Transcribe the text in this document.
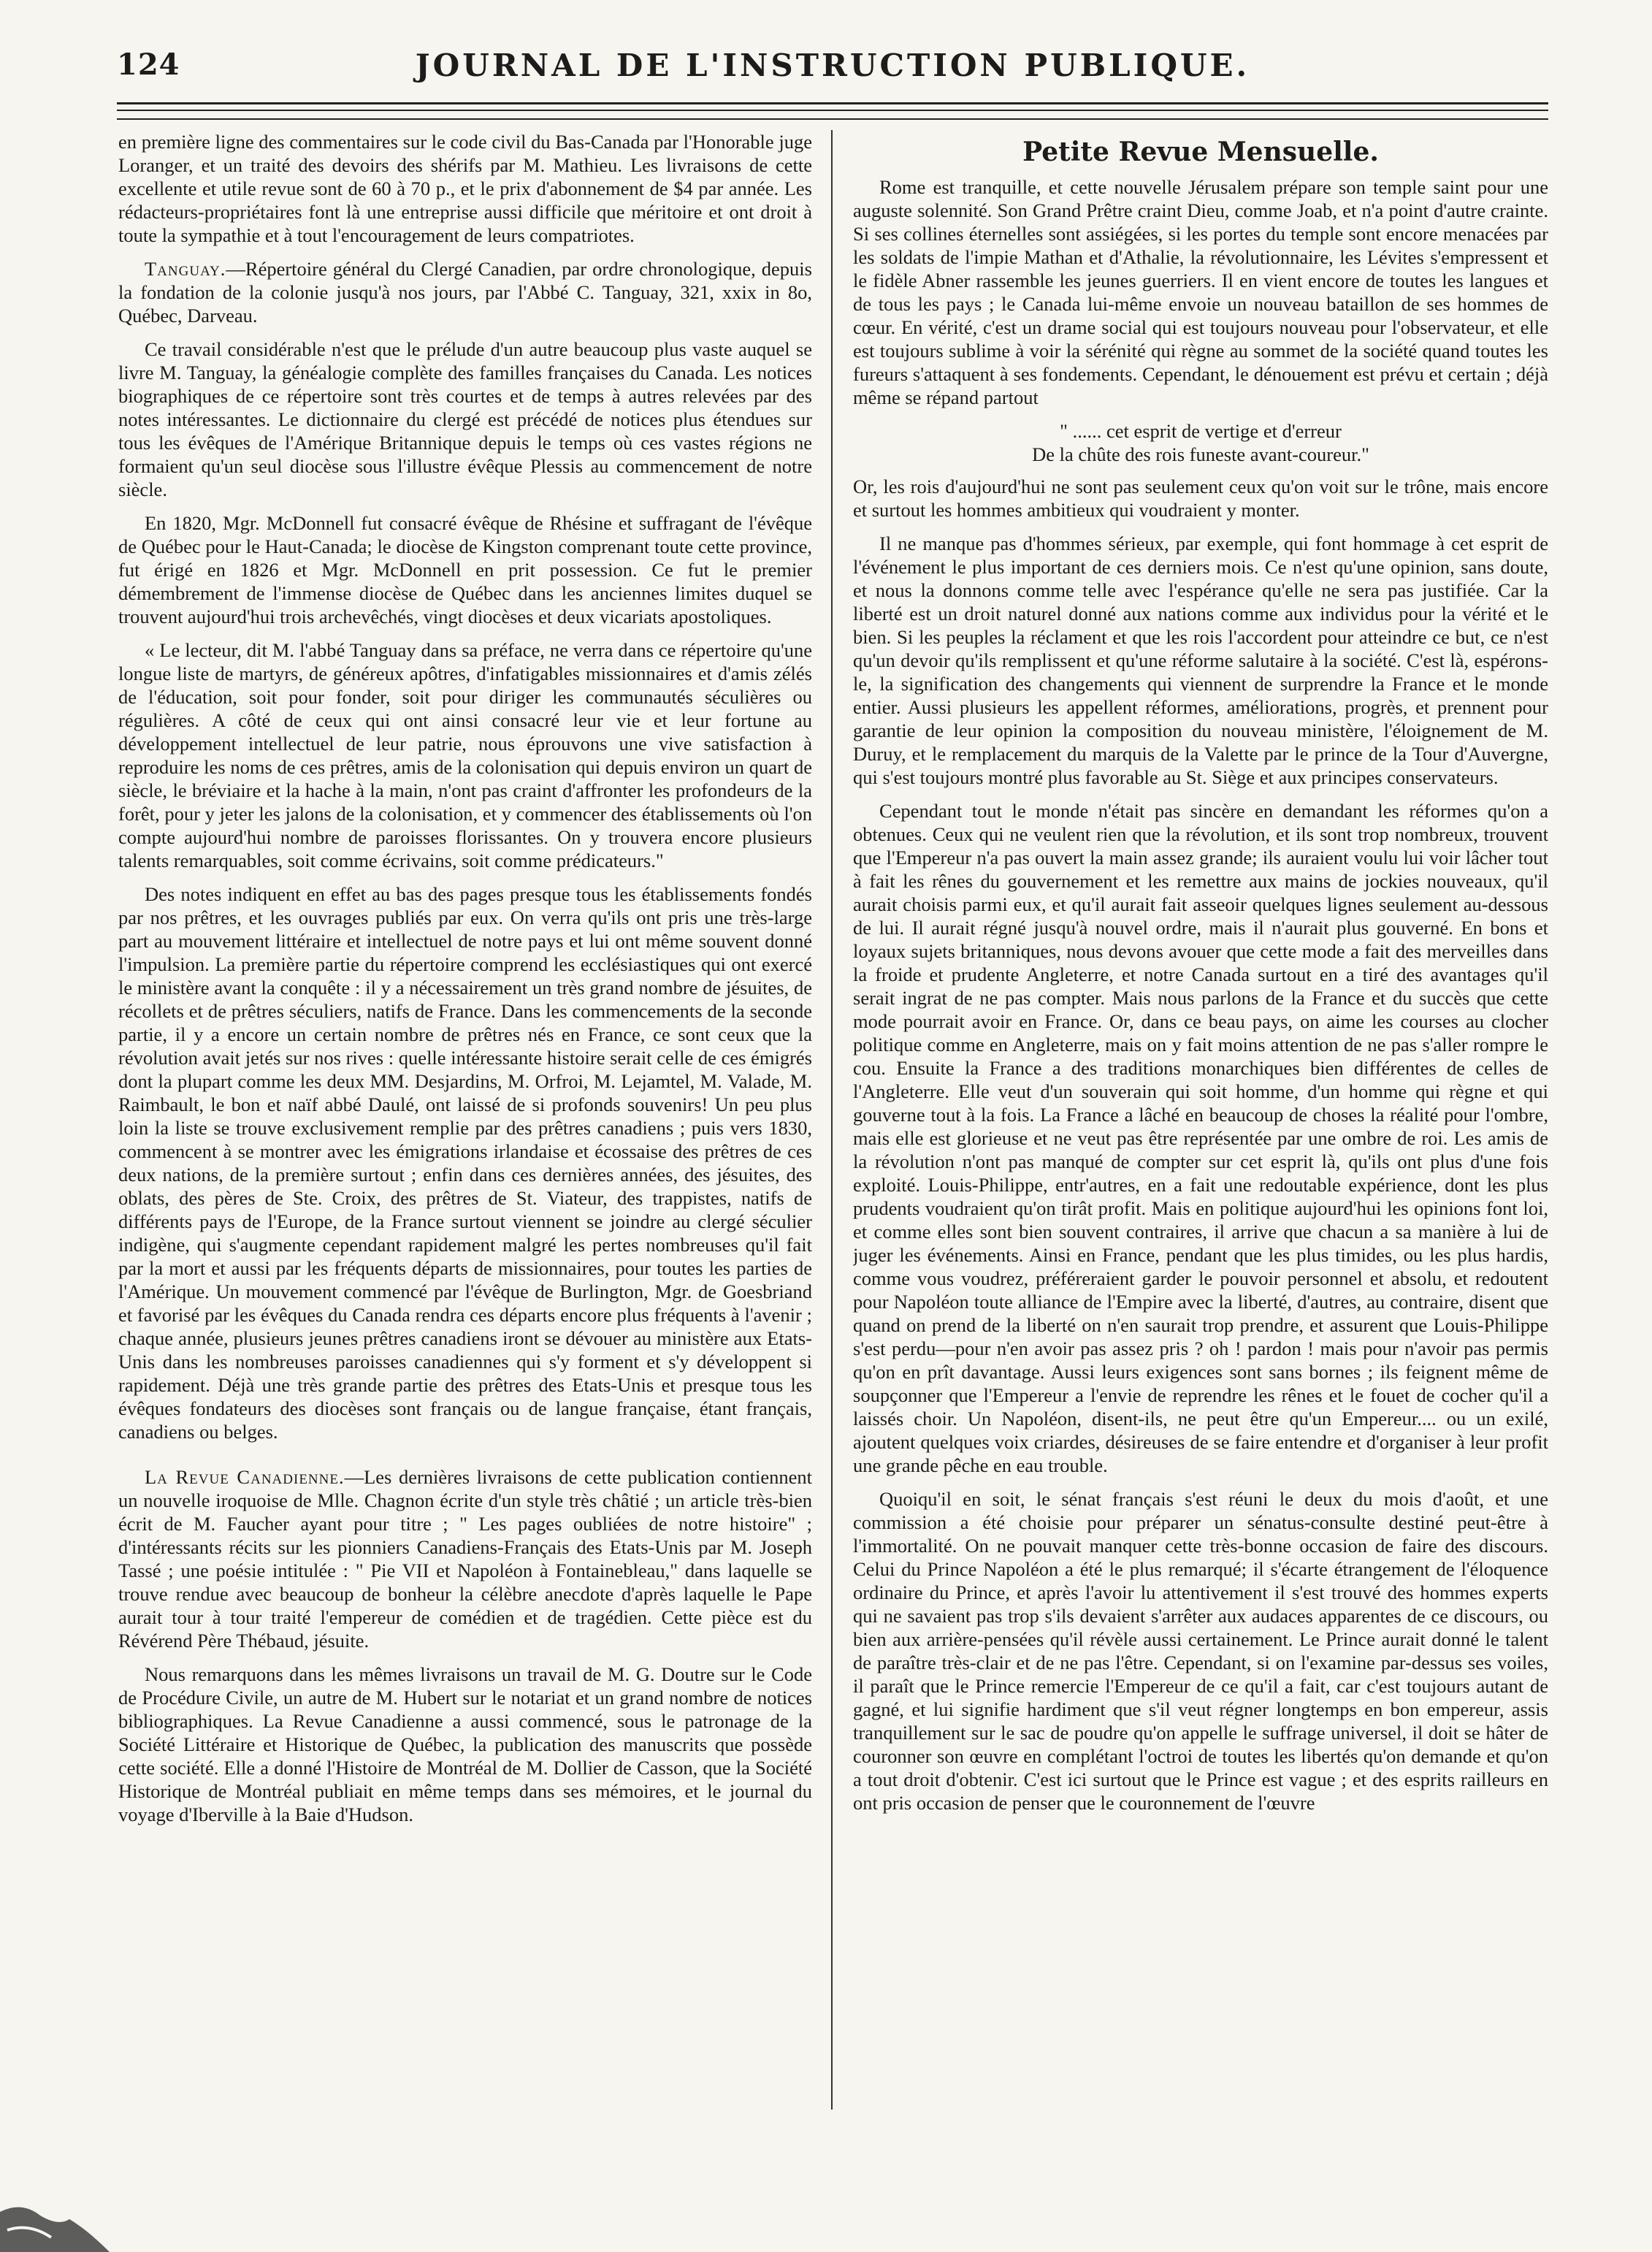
124	JOURNAL DE L'INSTRUCTION PUBLIQUE.

en première ligne des commentaires sur le code civil du Bas-Canada par l'Honorable juge Loranger, et un traité des devoirs des shérifs par M. Mathieu. Les livraisons de cette excellente et utile revue sont de 60 à 70 p., et le prix d'abonnement de $4 par année. Les rédacteurs-propriétaires font là une entreprise aussi difficile que méritoire et ont droit à toute la sympathie et à tout l'encouragement de leurs compatriotes.

Tanguay.—Répertoire général du Clergé Canadien, par ordre chronologique, depuis la fondation de la colonie jusqu'à nos jours, par l'Abbé C. Tanguay, 321, xxix in 8o, Québec, Darveau.

Ce travail considérable n'est que le prélude d'un autre beaucoup plus vaste auquel se livre M. Tanguay, la généalogie complète des familles françaises du Canada. Les notices biographiques de ce répertoire sont très courtes et de temps à autres relevées par des notes intéressantes. Le dictionnaire du clergé est précédé de notices plus étendues sur tous les évêques de l'Amérique Britannique depuis le temps où ces vastes régions ne formaient qu'un seul diocèse sous l'illustre évêque Plessis au commencement de notre siècle.

En 1820, Mgr. McDonnell fut consacré évêque de Rhésine et suffragant de l'évêque de Québec pour le Haut-Canada; le diocèse de Kingston comprenant toute cette province, fut érigé en 1826 et Mgr. McDonnell en prit possession. Ce fut le premier démembrement de l'immense diocèse de Québec dans les anciennes limites duquel se trouvent aujourd'hui trois archevêchés, vingt diocèses et deux vicariats apostoliques.

« Le lecteur, dit M. l'abbé Tanguay dans sa préface, ne verra dans ce répertoire qu'une longue liste de martyrs, de généreux apôtres, d'infatigables missionnaires et d'amis zélés de l'éducation, soit pour fonder, soit pour diriger les communautés séculières ou régulières. A côté de ceux qui ont ainsi consacré leur vie et leur fortune au développement intellectuel de leur patrie, nous éprouvons une vive satisfaction à reproduire les noms de ces prêtres, amis de la colonisation qui depuis environ un quart de siècle, le bréviaire et la hache à la main, n'ont pas craint d'affronter les profondeurs de la forêt, pour y jeter les jalons de la colonisation, et y commencer des établissements où l'on compte aujourd'hui nombre de paroisses florissantes. On y trouvera encore plusieurs talents remarquables, soit comme écrivains, soit comme prédicateurs."

Des notes indiquent en effet au bas des pages presque tous les établissements fondés par nos prêtres, et les ouvrages publiés par eux. On verra qu'ils ont pris une très-large part au mouvement littéraire et intellectuel de notre pays et lui ont même souvent donné l'impulsion. La première partie du répertoire comprend les ecclésiastiques qui ont exercé le ministère avant la conquête : il y a nécessairement un très grand nombre de jésuites, de récollets et de prêtres séculiers, natifs de France. Dans les commencements de la seconde partie, il y a encore un certain nombre de prêtres nés en France, ce sont ceux que la révolution avait jetés sur nos rives : quelle intéressante histoire serait celle de ces émigrés dont la plupart comme les deux MM. Desjardins, M. Orfroi, M. Lejamtel, M. Valade, M. Raimbault, le bon et naïf abbé Daulé, ont laissé de si profonds souvenirs! Un peu plus loin la liste se trouve exclusivement remplie par des prêtres canadiens ; puis vers 1830, commencent à se montrer avec les émigrations irlandaise et écossaise des prêtres de ces deux nations, de la première surtout ; enfin dans ces dernières années, des jésuites, des oblats, des pères de Ste. Croix, des prêtres de St. Viateur, des trappistes, natifs de différents pays de l'Europe, de la France surtout viennent se joindre au clergé séculier indigène, qui s'augmente cependant rapidement malgré les pertes nombreuses qu'il fait par la mort et aussi par les fréquents départs de missionnaires, pour toutes les parties de l'Amérique. Un mouvement commencé par l'évêque de Burlington, Mgr. de Goesbriand et favorisé par les évêques du Canada rendra ces départs encore plus fréquents à l'avenir ; chaque année, plusieurs jeunes prêtres canadiens iront se dévouer au ministère aux Etats-Unis dans les nombreuses paroisses canadiennes qui s'y forment et s'y développent si rapidement. Déjà une très grande partie des prêtres des Etats-Unis et presque tous les évêques fondateurs des diocèses sont français ou de langue française, étant français, canadiens ou belges.

La Revue Canadienne.—Les dernières livraisons de cette publication contiennent un nouvelle iroquoise de Mlle. Chagnon écrite d'un style très châtié ; un article très-bien écrit de M. Faucher ayant pour titre ; " Les pages oubliées de notre histoire" ; d'intéressants récits sur les pionniers Canadiens-Français des Etats-Unis par M. Joseph Tassé ; une poésie intitulée : " Pie VII et Napoléon à Fontainebleau," dans laquelle se trouve rendue avec beaucoup de bonheur la célèbre anecdote d'après laquelle le Pape aurait tour à tour traité l'empereur de comédien et de tragédien. Cette pièce est du Révérend Père Thébaud, jésuite.

Nous remarquons dans les mêmes livraisons un travail de M. G. Doutre sur le Code de Procédure Civile, un autre de M. Hubert sur le notariat et un grand nombre de notices bibliographiques. La Revue Canadienne a aussi commencé, sous le patronage de la Société Littéraire et Historique de Québec, la publication des manuscrits que possède cette société. Elle a donné l'Histoire de Montréal de M. Dollier de Casson, que la Société Historique de Montréal publiait en même temps dans ses mémoires, et le journal du voyage d'Iberville à la Baie d'Hudson.

Petite Revue Mensuelle.

Rome est tranquille, et cette nouvelle Jérusalem prépare son temple saint pour une auguste solennité. Son Grand Prêtre craint Dieu, comme Joab, et n'a point d'autre crainte. Si ses collines éternelles sont assiégées, si les portes du temple sont encore menacées par les soldats de l'impie Mathan et d'Athalie, la révolutionnaire, les Lévites s'empressent et le fidèle Abner rassemble les jeunes guerriers. Il en vient encore de toutes les langues et de tous les pays ; le Canada lui-même envoie un nouveau bataillon de ses hommes de cœur. En vérité, c'est un drame social qui est toujours nouveau pour l'observateur, et elle est toujours sublime à voir la sérénité qui règne au sommet de la société quand toutes les fureurs s'attaquent à ses fondements. Cependant, le dénouement est prévu et certain ; déjà même se répand partout

" ...... cet esprit de vertige et d'erreur
De la chûte des rois funeste avant-coureur."

Or, les rois d'aujourd'hui ne sont pas seulement ceux qu'on voit sur le trône, mais encore et surtout les hommes ambitieux qui voudraient y monter.

Il ne manque pas d'hommes sérieux, par exemple, qui font hommage à cet esprit de l'événement le plus important de ces derniers mois. Ce n'est qu'une opinion, sans doute, et nous la donnons comme telle avec l'espérance qu'elle ne sera pas justifiée. Car la liberté est un droit naturel donné aux nations comme aux individus pour la vérité et le bien. Si les peuples la réclament et que les rois l'accordent pour atteindre ce but, ce n'est qu'un devoir qu'ils remplissent et qu'une réforme salutaire à la société. C'est là, espérons-le, la signification des changements qui viennent de surprendre la France et le monde entier. Aussi plusieurs les appellent réformes, améliorations, progrès, et prennent pour garantie de leur opinion la composition du nouveau ministère, l'éloignement de M. Duruy, et le remplacement du marquis de la Valette par le prince de la Tour d'Auvergne, qui s'est toujours montré plus favorable au St. Siège et aux principes conservateurs.

Cependant tout le monde n'était pas sincère en demandant les réformes qu'on a obtenues. Ceux qui ne veulent rien que la révolution, et ils sont trop nombreux, trouvent que l'Empereur n'a pas ouvert la main assez grande; ils auraient voulu lui voir lâcher tout à fait les rênes du gouvernement et les remettre aux mains de jockies nouveaux, qu'il aurait choisis parmi eux, et qu'il aurait fait asseoir quelques lignes seulement au-dessous de lui. Il aurait régné jusqu'à nouvel ordre, mais il n'aurait plus gouverné. En bons et loyaux sujets britanniques, nous devons avouer que cette mode a fait des merveilles dans la froide et prudente Angleterre, et notre Canada surtout en a tiré des avantages qu'il serait ingrat de ne pas compter. Mais nous parlons de la France et du succès que cette mode pourrait avoir en France. Or, dans ce beau pays, on aime les courses au clocher politique comme en Angleterre, mais on y fait moins attention de ne pas s'aller rompre le cou. Ensuite la France a des traditions monarchiques bien différentes de celles de l'Angleterre. Elle veut d'un souverain qui soit homme, d'un homme qui règne et qui gouverne tout à la fois. La France a lâché en beaucoup de choses la réalité pour l'ombre, mais elle est glorieuse et ne veut pas être représentée par une ombre de roi. Les amis de la révolution n'ont pas manqué de compter sur cet esprit là, qu'ils ont plus d'une fois exploité. Louis-Philippe, entr'autres, en a fait une redoutable expérience, dont les plus prudents voudraient qu'on tirât profit. Mais en politique aujourd'hui les opinions font loi, et comme elles sont bien souvent contraires, il arrive que chacun a sa manière à lui de juger les événements. Ainsi en France, pendant que les plus timides, ou les plus hardis, comme vous voudrez, préféreraient garder le pouvoir personnel et absolu, et redoutent pour Napoléon toute alliance de l'Empire avec la liberté, d'autres, au contraire, disent que quand on prend de la liberté on n'en saurait trop prendre, et assurent que Louis-Philippe s'est perdu—pour n'en avoir pas assez pris ? oh ! pardon ! mais pour n'avoir pas permis qu'on en prît davantage. Aussi leurs exigences sont sans bornes ; ils feignent même de soupçonner que l'Empereur a l'envie de reprendre les rênes et le fouet de cocher qu'il a laissés choir. Un Napoléon, disent-ils, ne peut être qu'un Empereur.... ou un exilé, ajoutent quelques voix criardes, désireuses de se faire entendre et d'organiser à leur profit une grande pêche en eau trouble.

Quoiqu'il en soit, le sénat français s'est réuni le deux du mois d'août, et une commission a été choisie pour préparer un sénatus-consulte destiné peut-être à l'immortalité. On ne pouvait manquer cette très-bonne occasion de faire des discours. Celui du Prince Napoléon a été le plus remarqué; il s'écarte étrangement de l'éloquence ordinaire du Prince, et après l'avoir lu attentivement il s'est trouvé des hommes experts qui ne savaient pas trop s'ils devaient s'arrêter aux audaces apparentes de ce discours, ou bien aux arrière-pensées qu'il révèle aussi certainement. Le Prince aurait donné le talent de paraître très-clair et de ne pas l'être. Cependant, si on l'examine par-dessus ses voiles, il paraît que le Prince remercie l'Empereur de ce qu'il a fait, car c'est toujours autant de gagné, et lui signifie hardiment que s'il veut régner longtemps en bon empereur, assis tranquillement sur le sac de poudre qu'on appelle le suffrage universel, il doit se hâter de couronner son œuvre en complétant l'octroi de toutes les libertés qu'on demande et qu'on a tout droit d'obtenir. C'est ici surtout que le Prince est vague ; et des esprits railleurs en ont pris occasion de penser que le couronnement de l'œuvre
